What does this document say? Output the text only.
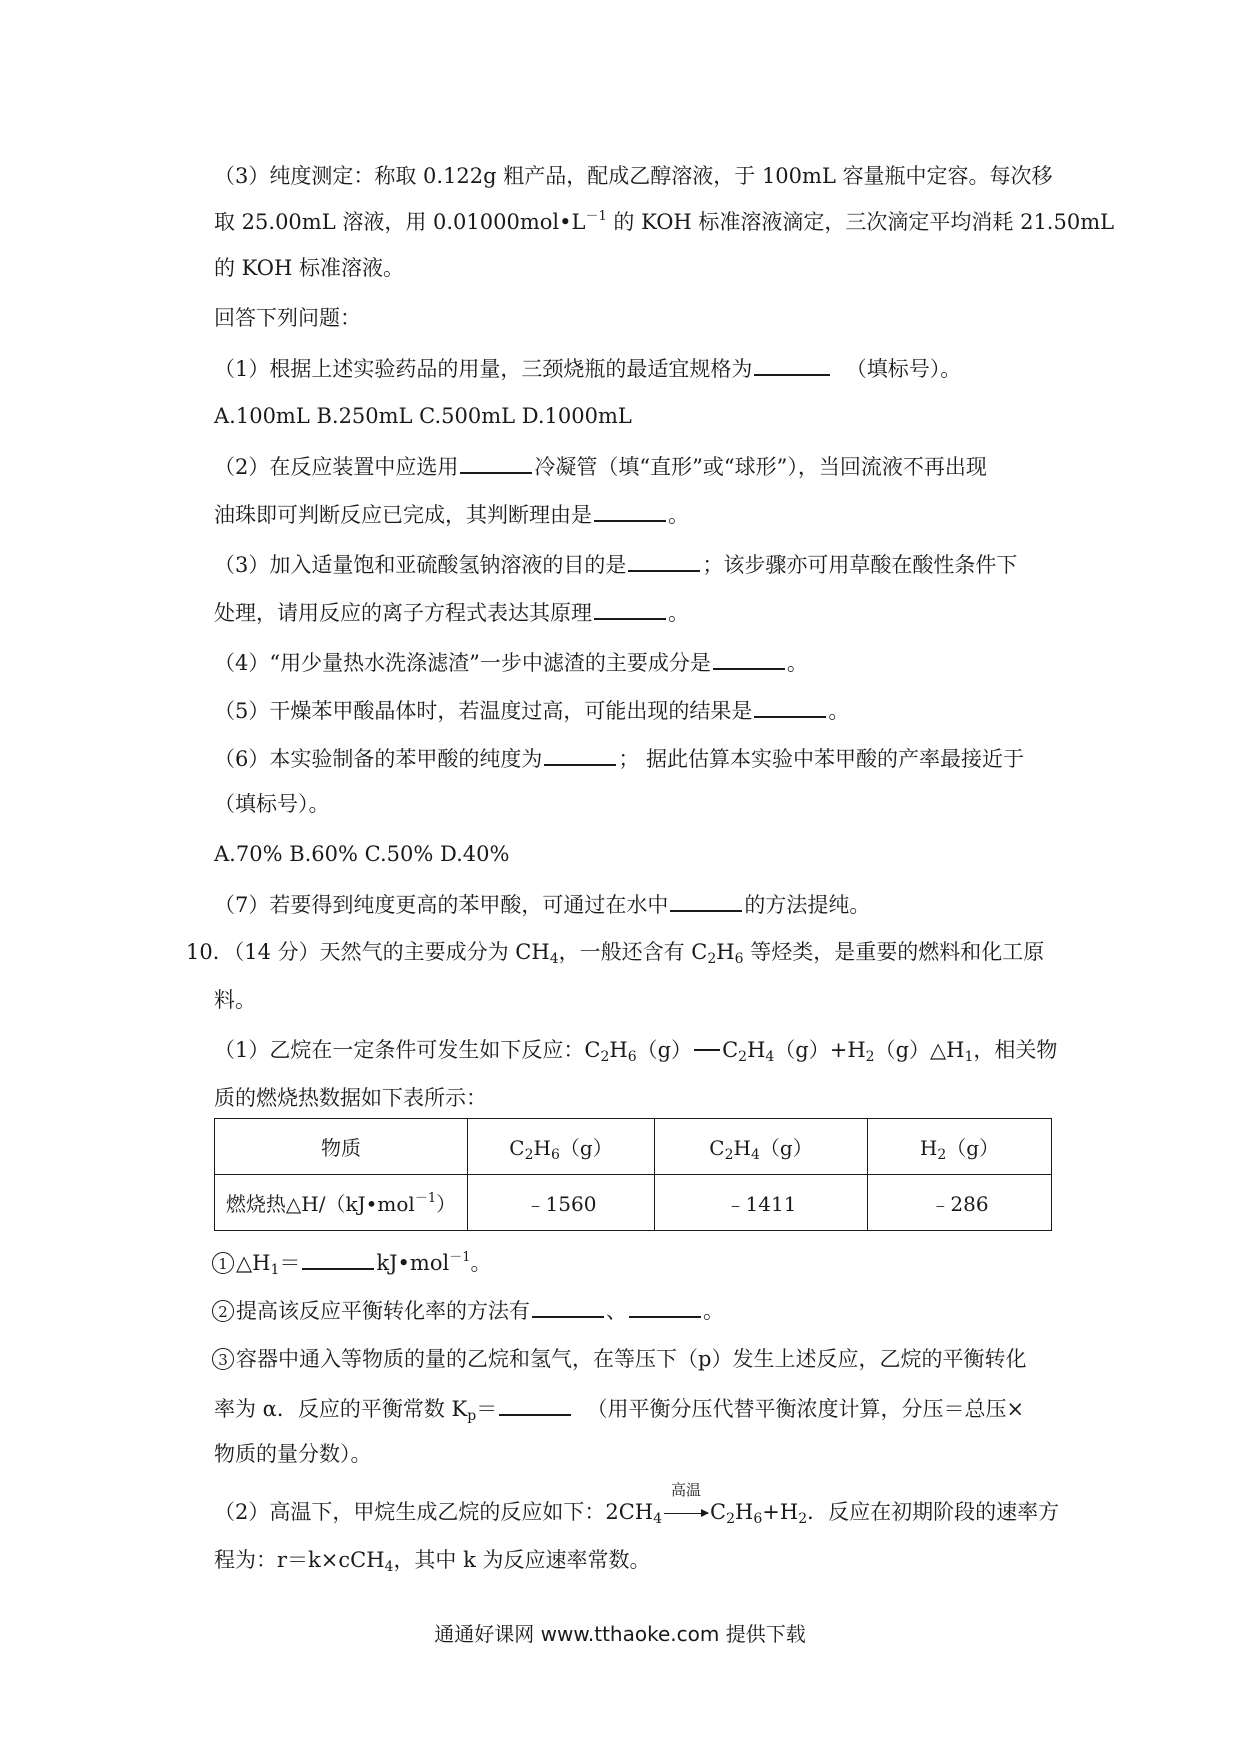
（3）纯度测定：称取 0.122g 粗产品，配成乙醇溶液，于 100mL 容量瓶中定容。每次移
取 25.00mL 溶液，用 $0.01000mol•L^{-1}$ 的 KOH 标准溶液滴定，三次滴定平均消耗 21.50mL
的 KOH 标准溶液。
回答下列问题：
（1）根据上述实验药品的用量，三颈烧瓶的最适宜规格为	（填标号）。
A.100mL B.250mL C.500mL D.1000mL
（2）在反应装置中应选用	冷凝管（填“直形”或“球形”），当回流液不再出现
油珠即可判断反应已完成，其判断理由是	。
（3）加入适量饱和亚硫酸氢钠溶液的目的是	；该步骤亦可用草酸在酸性条件下
处理，请用反应的离子方程式表达其原理	。
（4）“用少量热水洗涤滤渣”一步中滤渣的主要成分是	。
（5）干燥苯甲酸晶体时，若温度过高，可能出现的结果是	。
（6）本实验制备的苯甲酸的纯度为	； 据此估算本实验中苯甲酸的产率最接近于
（填标号）。
A.70% B.60% C.50% D.40%
（7）若要得到纯度更高的苯甲酸，可通过在水中	的方法提纯。
10．（14 分）天然气的主要成分为 $CH_4$，一般还含有 $C_2H_6$ 等烃类，是重要的燃料和化工原
料。
（1）乙烷在一定条件可发生如下反应：$C_2H_6(g)$ $C_2H_4(g)+H_2(g)\triangle H_1$，相关物
质的燃烧热数据如下表所示：
物质	$C_2H_6(g)$	$C_2H_4(g)$	$H_2(g)$
燃烧热△H/（kJ•mol$^{-1}$）	﹣1560	﹣1411	﹣286
1 $\triangle H_1=$	kJ•mol$^{-1}$。
2 提高该反应平衡转化率的方法有	、	。
3 容器中通入等物质的量的乙烷和氢气，在等压下（p）发生上述反应，乙烷的平衡转化
率为 α．反应的平衡常数 $K_p=$	（用平衡分压代替平衡浓度计算，分压＝总压×
物质的量分数）。
（2）高温下，甲烷生成乙烷的反应如下：$2CH_4$
高温
$C_2H_6+H_2$．反应在初期阶段的速率方
程为：r＝k×cCH$_4$，其中 k 为反应速率常数。
通通好课网 www.tthaoke.com 提供下载
